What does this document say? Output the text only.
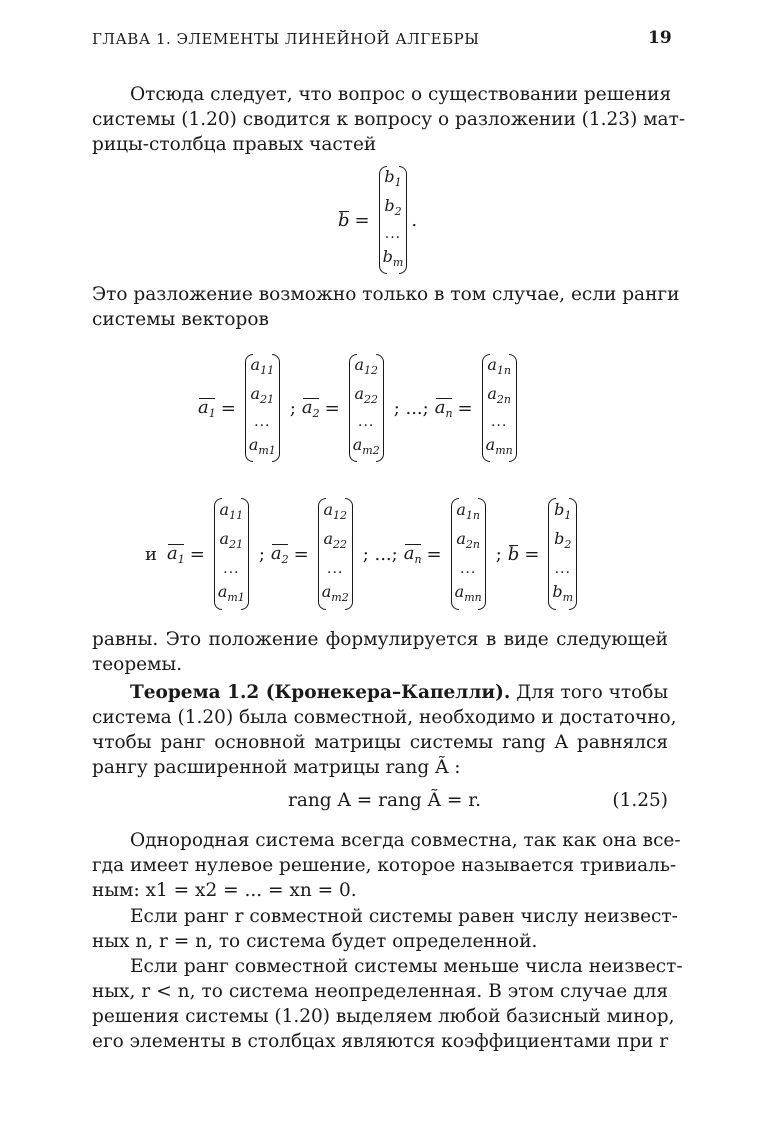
ГЛАВА 1. ЭЛЕМЕНТЫ ЛИНЕЙНОЙ АЛГЕБРЫ	19
Отсюда следует, что вопрос о существовании решения
системы (1.20) сводится к вопросу о разложении (1.23) мат-
рицы-столбца правых частей
b =
$b_1$
$b_2$
...
$b_m$
.
Это разложение возможно только в том случае, если ранги
системы векторов
$a_1$ =
$a_{11}$
$a_{21}$
...
$a_{m1}$
; $a_2$ =
$a_{12}$
$a_{22}$
...
$a_{m2}$
; ...; $a_n$ =
$a_{1n}$
$a_{2n}$
...
$a_{mn}$
и $a_1$ =
$a_{11}$
$a_{21}$
...
$a_{m1}$
; $a_2$ =
$a_{12}$
$a_{22}$
...
$a_{m2}$
; ...; $a_n$ =
$a_{1n}$
$a_{2n}$
...
$a_{mn}$
; b =
$b_1$
$b_2$
...
$b_m$
равны. Это положение формулируется в виде следующей
теоремы.
Теорема 1.2 (Кронекера–Капелли). Для того чтобы
система (1.20) была совместной, необходимо и достаточно,
чтобы ранг основной матрицы системы rang A равнялся
рангу расширенной матрицы rang Ã :
rang A = rang Ã = r.	(1.25)
Однородная система всегда совместна, так как она все-
гда имеет нулевое решение, которое называется тривиаль-
ным: x1 = x2 = ... = xn = 0.
Если ранг r совместной системы равен числу неизвест-
ных n, r = n, то система будет определенной.
Если ранг совместной системы меньше числа неизвест-
ных, r < n, то система неопределенная. В этом случае для
решения системы (1.20) выделяем любой базисный минор,
его элементы в столбцах являются коэффициентами при r
